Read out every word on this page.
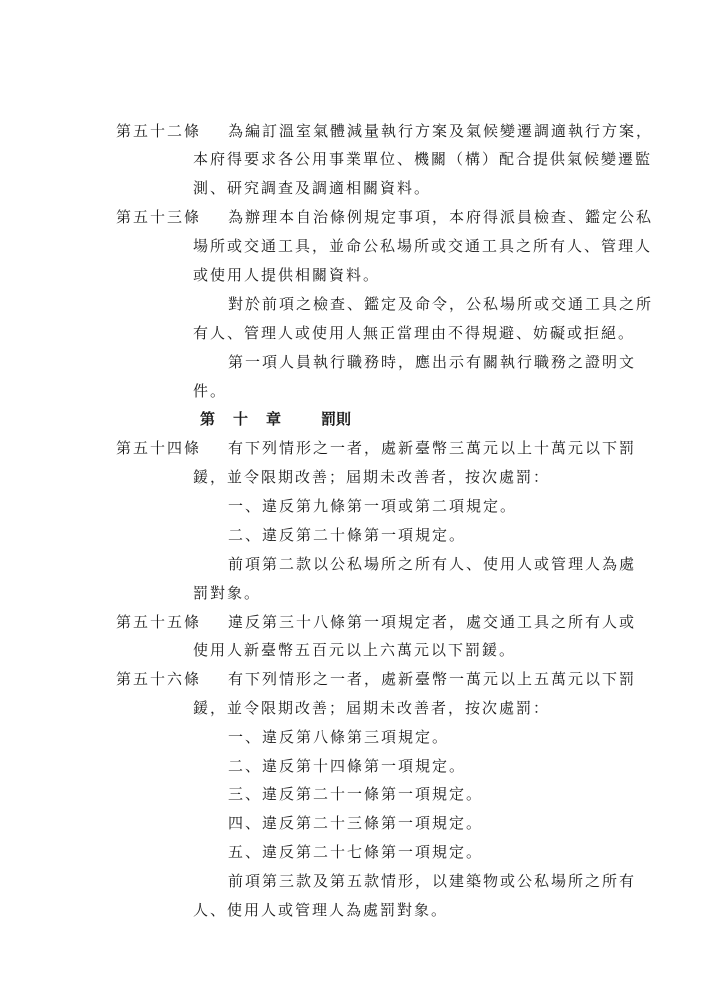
第五十二條 為編訂溫室氣體減量執行方案及氣候變遷調適執行方案，
本府得要求各公用事業單位、機關（構）配合提供氣候變遷監
測、研究調查及調適相關資料。
第五十三條 為辦理本自治條例規定事項，本府得派員檢查、鑑定公私
場所或交通工具，並命公私場所或交通工具之所有人、管理人
或使用人提供相關資料。
對於前項之檢查、鑑定及命令，公私場所或交通工具之所
有人、管理人或使用人無正當理由不得規避、妨礙或拒絕。
第一項人員執行職務時，應出示有關執行職務之證明文
件。
第 十 章	罰則
第五十四條 有下列情形之一者，處新臺幣三萬元以上十萬元以下罰
鍰，並令限期改善；屆期未改善者，按次處罰：
一、違反第九條第一項或第二項規定。
二、違反第二十條第一項規定。
前項第二款以公私場所之所有人、使用人或管理人為處
罰對象。
第五十五條 違反第三十八條第一項規定者，處交通工具之所有人或
使用人新臺幣五百元以上六萬元以下罰鍰。
第五十六條 有下列情形之一者，處新臺幣一萬元以上五萬元以下罰
鍰，並令限期改善；屆期未改善者，按次處罰：
一、違反第八條第三項規定。
二、違反第十四條第一項規定。
三、違反第二十一條第一項規定。
四、違反第二十三條第一項規定。
五、違反第二十七條第一項規定。
前項第三款及第五款情形，以建築物或公私場所之所有
人、使用人或管理人為處罰對象。
